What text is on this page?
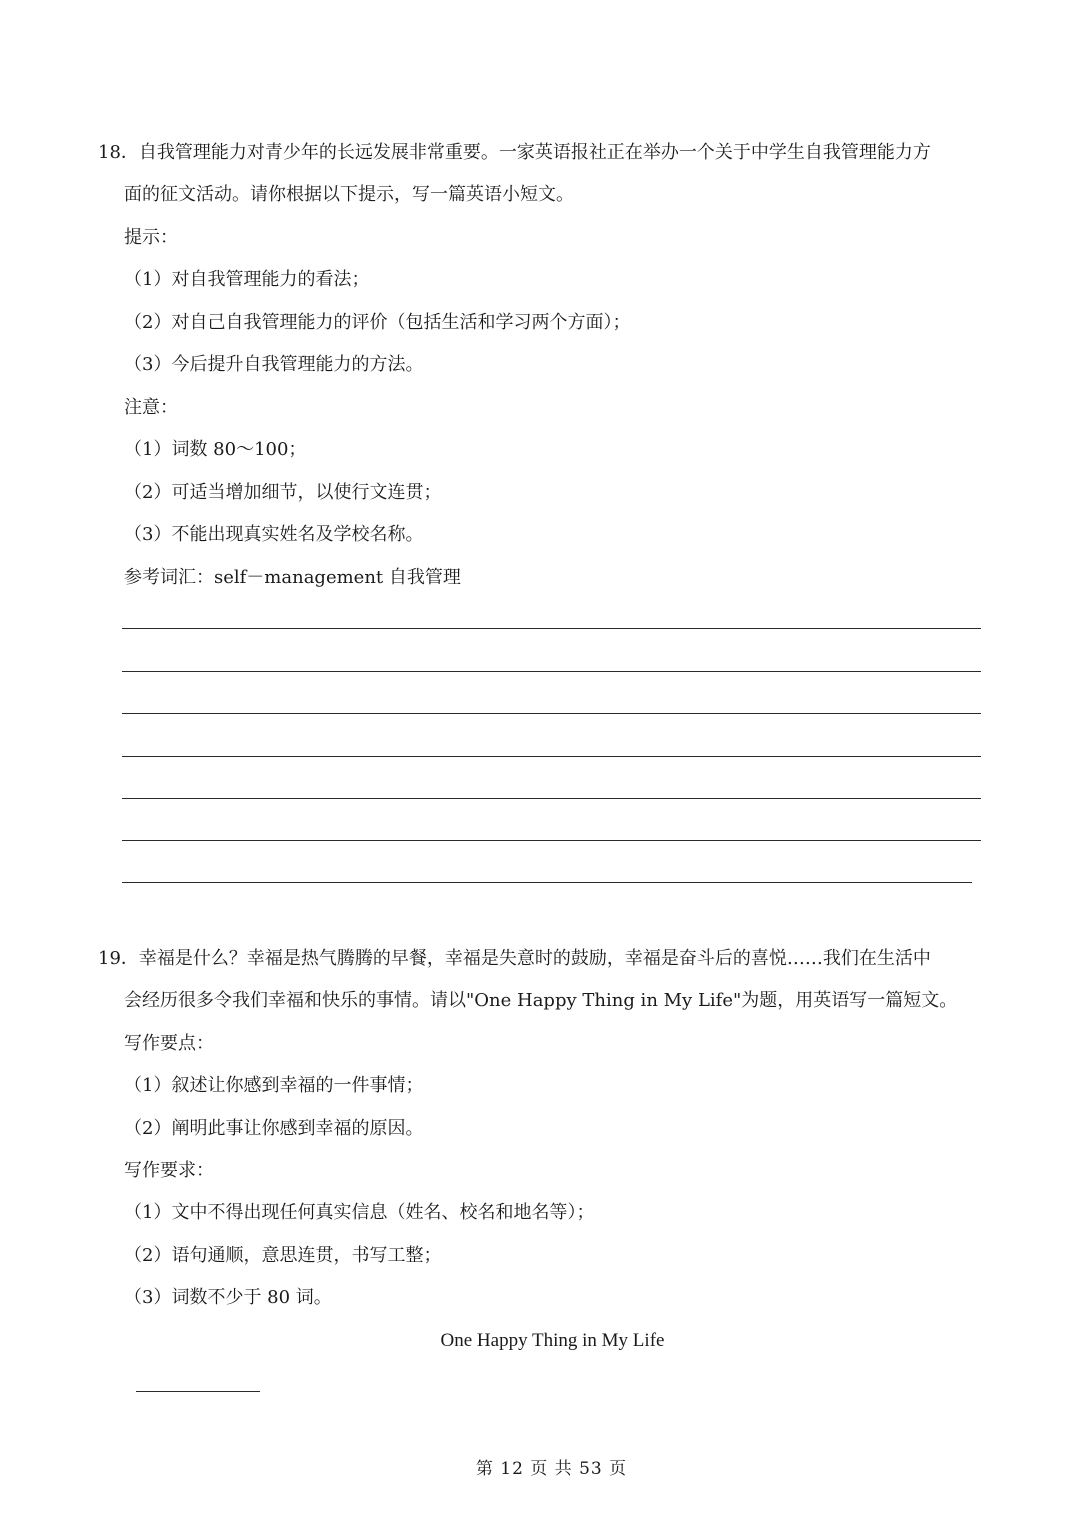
18．自我管理能力对青少年的长远发展非常重要。一家英语报社正在举办一个关于中学生自我管理能力方
面的征文活动。请你根据以下提示，写一篇英语小短文。
提示：
（1）对自我管理能力的看法；
（2）对自己自我管理能力的评价（包括生活和学习两个方面）；
（3）今后提升自我管理能力的方法。
注意：
（1）词数 80～100；
（2）可适当增加细节，以使行文连贯；
（3）不能出现真实姓名及学校名称。
参考词汇：self－management 自我管理
19．幸福是什么？幸福是热气腾腾的早餐，幸福是失意时的鼓励，幸福是奋斗后的喜悦……我们在生活中
会经历很多令我们幸福和快乐的事情。请以"One Happy Thing in My Life"为题，用英语写一篇短文。
写作要点：
（1）叙述让你感到幸福的一件事情；
（2）阐明此事让你感到幸福的原因。
写作要求：
（1）文中不得出现任何真实信息（姓名、校名和地名等）；
（2）语句通顺，意思连贯，书写工整；
（3）词数不少于 80 词。
One Happy Thing in My Life
第 12 页 共 53 页
